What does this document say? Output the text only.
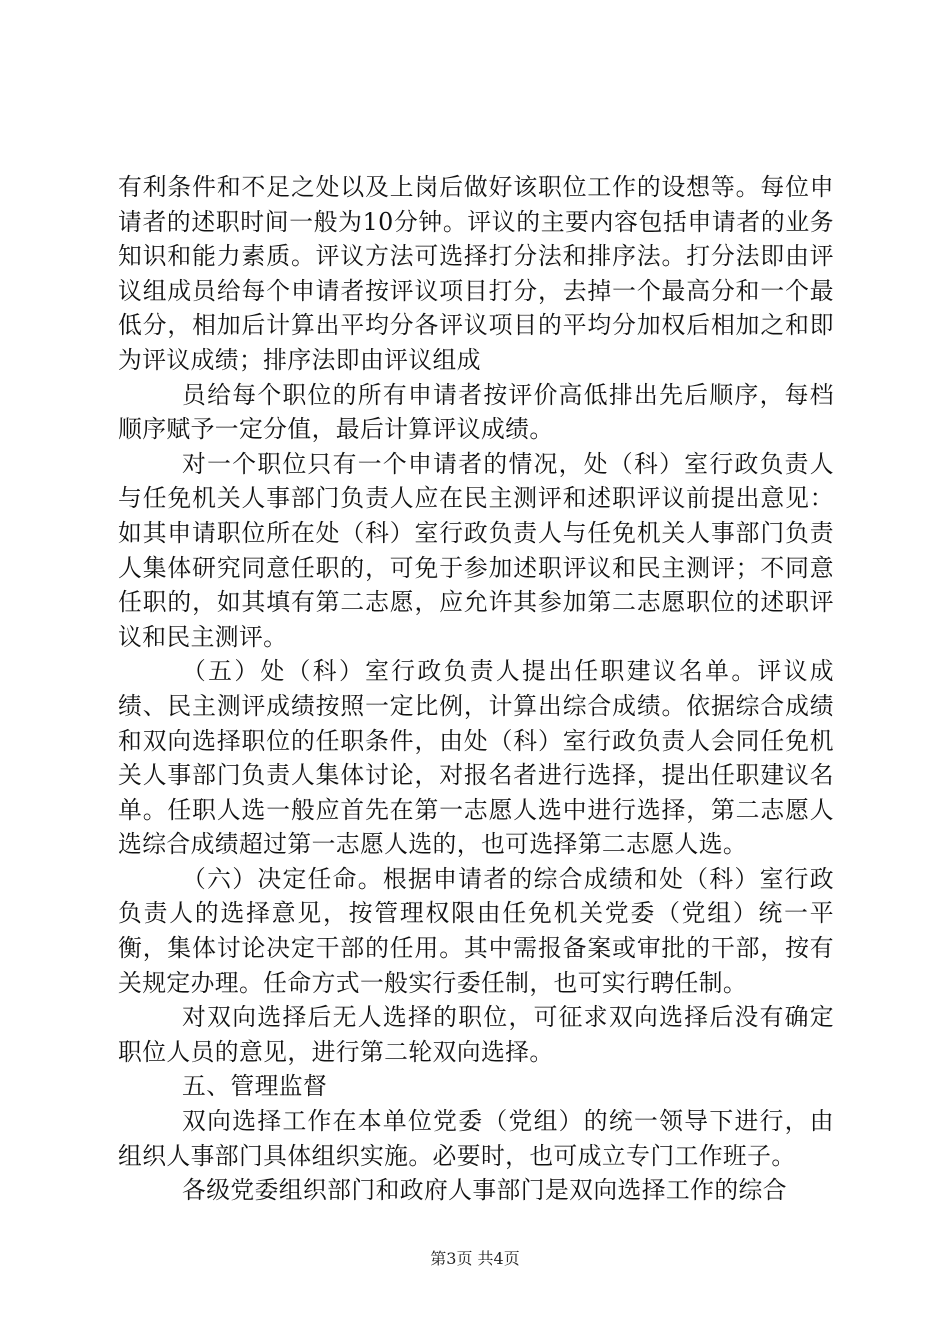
有利条件和不足之处以及上岗后做好该职位工作的设想等。每位申请者的述职时间一般为10分钟。评议的主要内容包括申请者的业务知识和能力素质。评议方法可选择打分法和排序法。打分法即由评议组成员给每个申请者按评议项目打分，去掉一个最高分和一个最低分，相加后计算出平均分各评议项目的平均分加权后相加之和即为评议成绩；排序法即由评议组成

员给每个职位的所有申请者按评价高低排出先后顺序，每档顺序赋予一定分值，最后计算评议成绩。

对一个职位只有一个申请者的情况，处（科）室行政负责人与任免机关人事部门负责人应在民主测评和述职评议前提出意见：如其申请职位所在处（科）室行政负责人与任免机关人事部门负责人集体研究同意任职的，可免于参加述职评议和民主测评；不同意任职的，如其填有第二志愿，应允许其参加第二志愿职位的述职评议和民主测评。

（五）处（科）室行政负责人提出任职建议名单。评议成绩、民主测评成绩按照一定比例，计算出综合成绩。依据综合成绩和双向选择职位的任职条件，由处（科）室行政负责人会同任免机关人事部门负责人集体讨论，对报名者进行选择，提出任职建议名单。任职人选一般应首先在第一志愿人选中进行选择，第二志愿人选综合成绩超过第一志愿人选的，也可选择第二志愿人选。

（六）决定任命。根据申请者的综合成绩和处（科）室行政负责人的选择意见，按管理权限由任免机关党委（党组）统一平衡，集体讨论决定干部的任用。其中需报备案或审批的干部，按有关规定办理。任命方式一般实行委任制，也可实行聘任制。

对双向选择后无人选择的职位，可征求双向选择后没有确定职位人员的意见，进行第二轮双向选择。

五、管理监督

双向选择工作在本单位党委（党组）的统一领导下进行，由组织人事部门具体组织实施。必要时，也可成立专门工作班子。

各级党委组织部门和政府人事部门是双向选择工作的综合

第3页 共4页
